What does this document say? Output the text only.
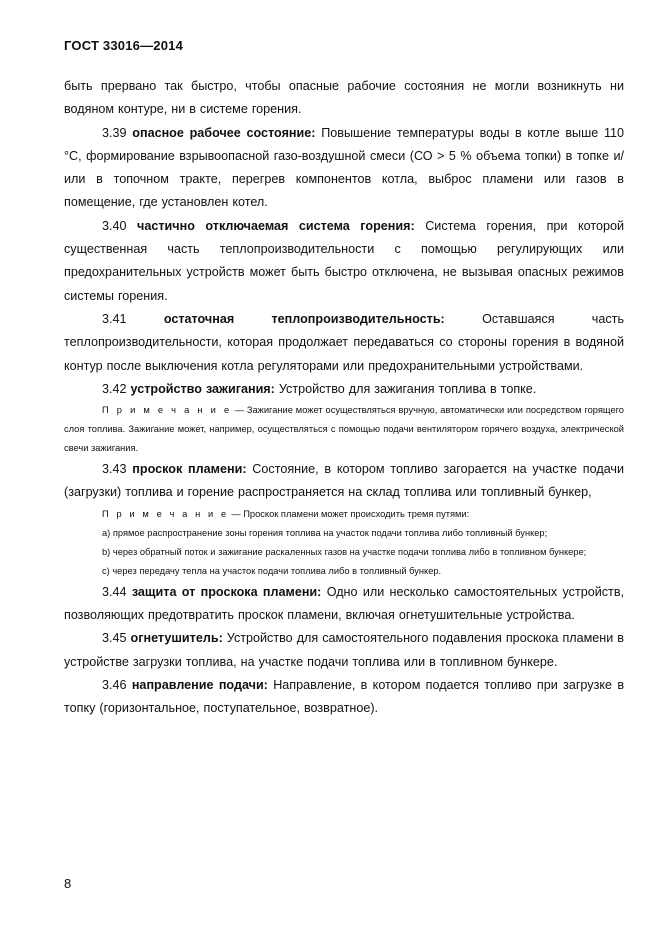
ГОСТ 33016—2014

быть прервано так быстро, чтобы опасные рабочие состояния не могли возникнуть ни водяном контуре, ни в системе горения.

3.39 опасное рабочее состояние: Повышение температуры воды в котле выше 110 °С, формирование взрывоопасной газо-воздушной смеси (СО > 5 % объема топки) в топке и/или в топочном тракте, перегрев компонентов котла, выброс пламени или газов в помещение, где установлен котел.

3.40 частично отключаемая система горения: Система горения, при которой существенная часть теплопроизводительности с помощью регулирующих или предохранительных устройств может быть быстро отключена, не вызывая опасных режимов системы горения.

3.41	остаточная теплопроизводительность:	Оставшаяся часть теплопроизводительности, которая продолжает передаваться со стороны горения в водяной контур после выключения котла регуляторами или предохранительными устройствами.

3.42 устройство зажигания: Устройство для зажигания топлива в топке.

П р и м е ч а н и е — Зажигание может осуществляться вручную, автоматически или посредством горящего слоя топлива. Зажигание может, например, осуществляться с помощью подачи вентилятором горячего воздуха, электрической свечи зажигания.

3.43 проскок пламени: Состояние, в котором топливо загорается на участке подачи (загрузки) топлива и горение распространяется на склад топлива или топливный бункер,

П р и м е ч а н и е — Проскок пламени может происходить тремя путями:

а) прямое распространение зоны горения топлива на участок подачи топлива либо топливный бункер;

b) через обратный поток и зажигание раскаленных газов на участке подачи топлива либо в топливном бункере;

с) через передачу тепла на участок подачи топлива либо в топливный бункер.

3.44 защита от проскока пламени: Одно или несколько самостоятельных устройств, позволяющих предотвратить проскок пламени, включая огнетушительные устройства.

3.45 огнетушитель: Устройство для самостоятельного подавления проскока пламени в устройстве загрузки топлива, на участке подачи топлива или в топливном бункере.

3.46 направление подачи: Направление, в котором подается топливо при загрузке в топку (горизонтальное, поступательное, возвратное).

8
